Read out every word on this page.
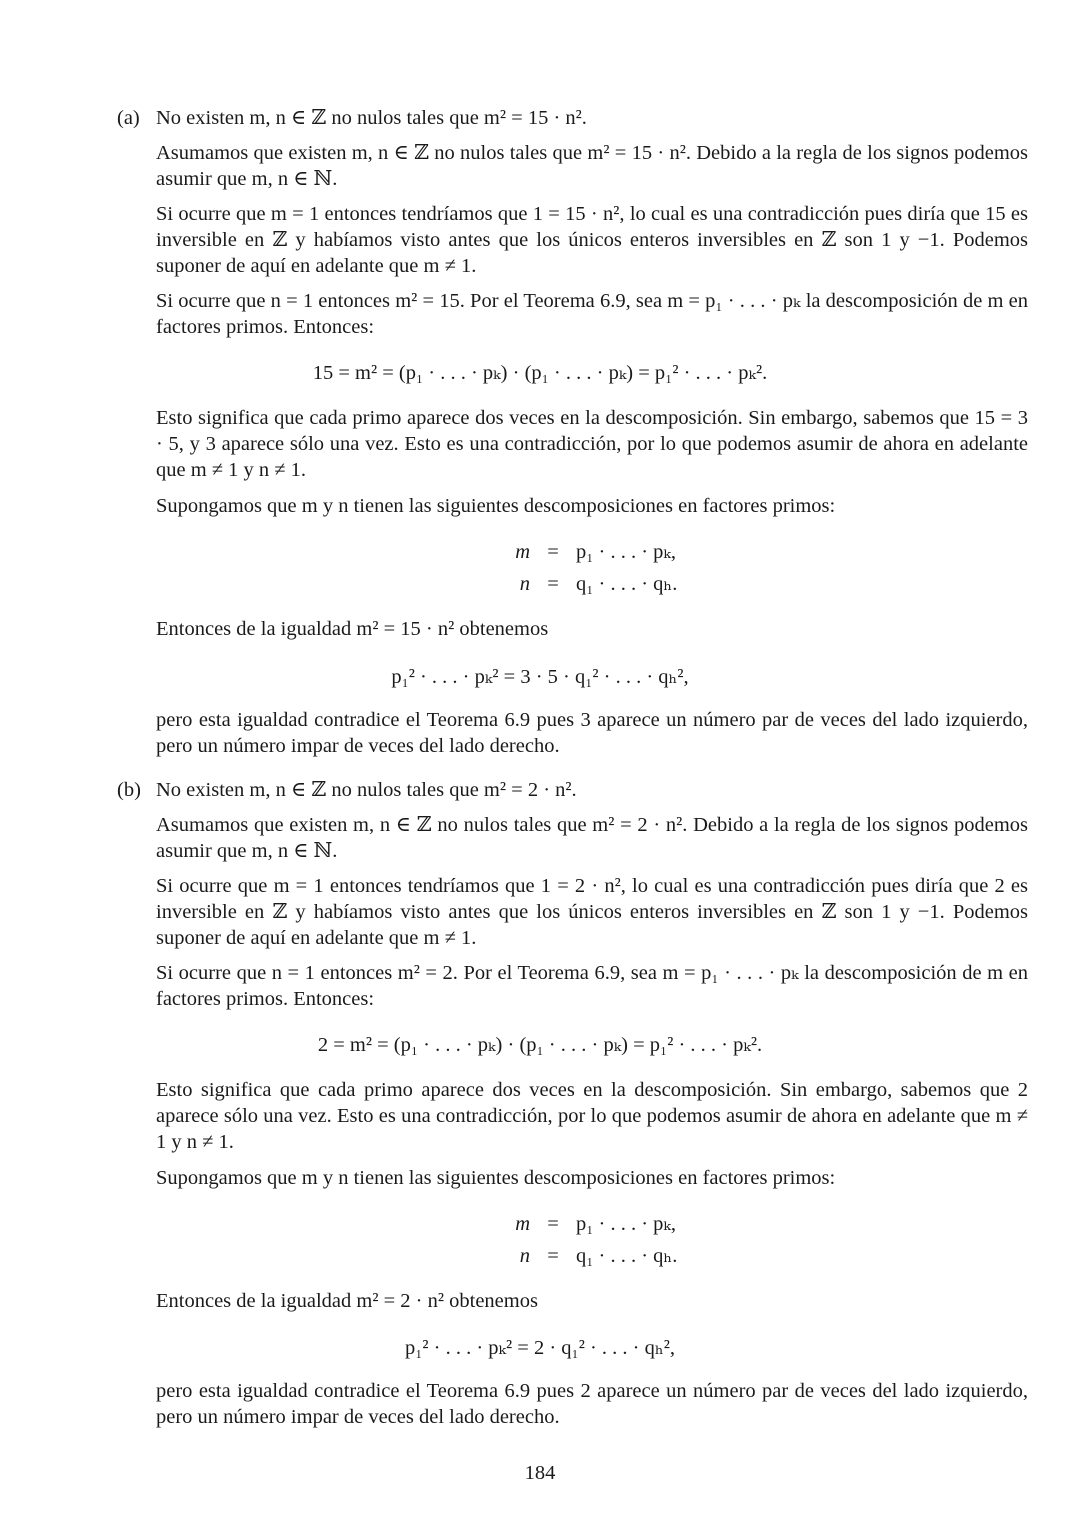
(a) No existen m, n ∈ ℤ no nulos tales que m² = 15 · n².
Asumamos que existen m, n ∈ ℤ no nulos tales que m² = 15 · n². Debido a la regla de los signos podemos asumir que m, n ∈ ℕ.
Si ocurre que m = 1 entonces tendríamos que 1 = 15 · n², lo cual es una contradicción pues diría que 15 es inversible en ℤ y habíamos visto antes que los únicos enteros inversibles en ℤ son 1 y −1. Podemos suponer de aquí en adelante que m ≠ 1.
Si ocurre que n = 1 entonces m² = 15. Por el Teorema 6.9, sea m = p₁ · . . . · pₖ la descomposición de m en factores primos. Entonces:
15 = m² = (p₁ · . . . · pₖ) · (p₁ · . . . · pₖ) = p₁² · . . . · pₖ².
Esto significa que cada primo aparece dos veces en la descomposición. Sin embargo, sabemos que 15 = 3 · 5, y 3 aparece sólo una vez. Esto es una contradicción, por lo que podemos asumir de ahora en adelante que m ≠ 1 y n ≠ 1.
Supongamos que m y n tienen las siguientes descomposiciones en factores primos:
m = p₁ · . . . · pₖ,
n = q₁ · . . . · qₕ.
Entonces de la igualdad m² = 15 · n² obtenemos
p₁² · . . . · pₖ² = 3 · 5 · q₁² · . . . · qₕ²,
pero esta igualdad contradice el Teorema 6.9 pues 3 aparece un número par de veces del lado izquierdo, pero un número impar de veces del lado derecho.
(b) No existen m, n ∈ ℤ no nulos tales que m² = 2 · n².
Asumamos que existen m, n ∈ ℤ no nulos tales que m² = 2 · n². Debido a la regla de los signos podemos asumir que m, n ∈ ℕ.
Si ocurre que m = 1 entonces tendríamos que 1 = 2 · n², lo cual es una contradicción pues diría que 2 es inversible en ℤ y habíamos visto antes que los únicos enteros inversibles en ℤ son 1 y −1. Podemos suponer de aquí en adelante que m ≠ 1.
Si ocurre que n = 1 entonces m² = 2. Por el Teorema 6.9, sea m = p₁ · . . . · pₖ la descomposición de m en factores primos. Entonces:
2 = m² = (p₁ · . . . · pₖ) · (p₁ · . . . · pₖ) = p₁² · . . . · pₖ².
Esto significa que cada primo aparece dos veces en la descomposición. Sin embargo, sabemos que 2 aparece sólo una vez. Esto es una contradicción, por lo que podemos asumir de ahora en adelante que m ≠ 1 y n ≠ 1.
Supongamos que m y n tienen las siguientes descomposiciones en factores primos:
m = p₁ · . . . · pₖ,
n = q₁ · . . . · qₕ.
Entonces de la igualdad m² = 2 · n² obtenemos
p₁² · . . . · pₖ² = 2 · q₁² · . . . · qₕ²,
pero esta igualdad contradice el Teorema 6.9 pues 2 aparece un número par de veces del lado izquierdo, pero un número impar de veces del lado derecho.
184
